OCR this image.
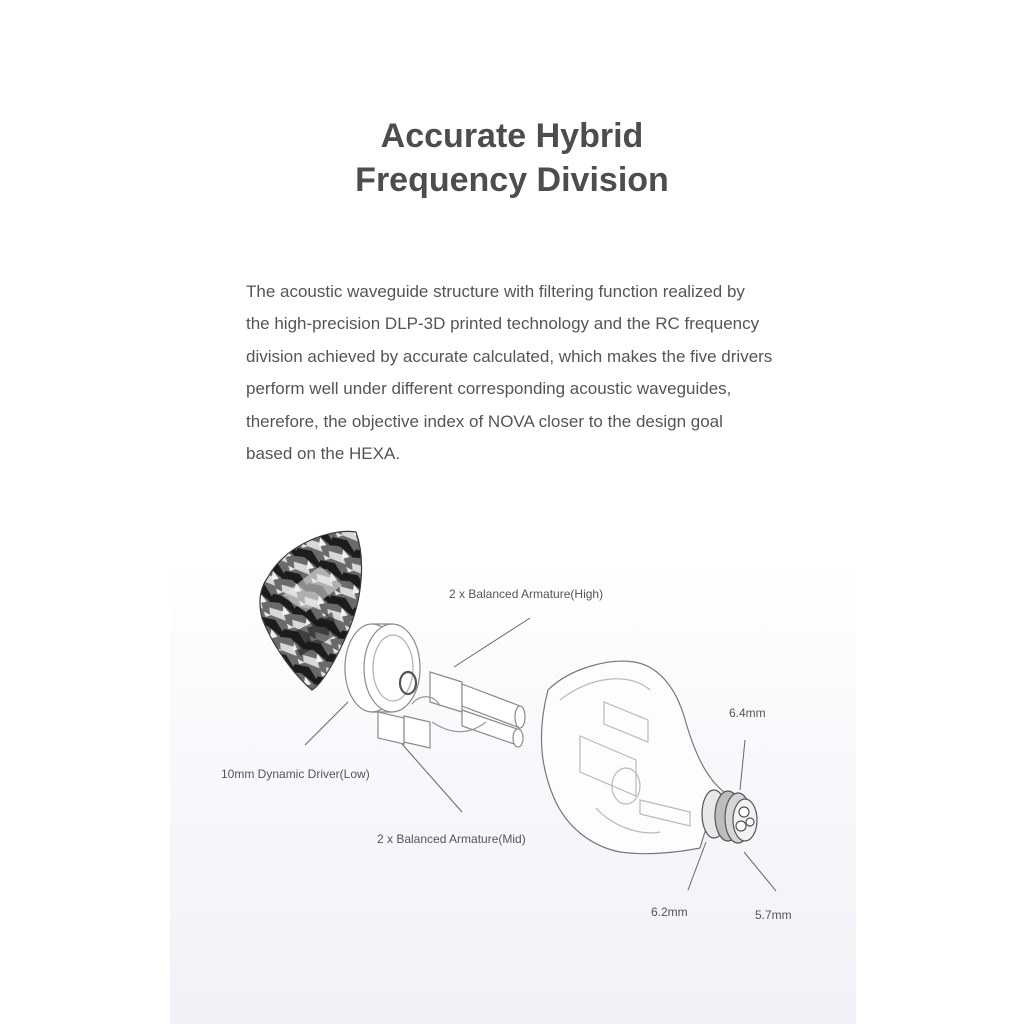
Accurate Hybrid
Frequency Division

The acoustic waveguide structure with filtering function realized by
the high-precision DLP-3D printed technology and the RC frequency
division achieved by accurate calculated, which makes the five drivers
perform well under different corresponding acoustic waveguides,
therefore, the objective index of NOVA closer to the design goal
based on the HEXA.

2 x Balanced Armature(High)
10mm Dynamic Driver(Low)
2 x Balanced Armature(Mid)
6.4mm
6.2mm	5.7mm
